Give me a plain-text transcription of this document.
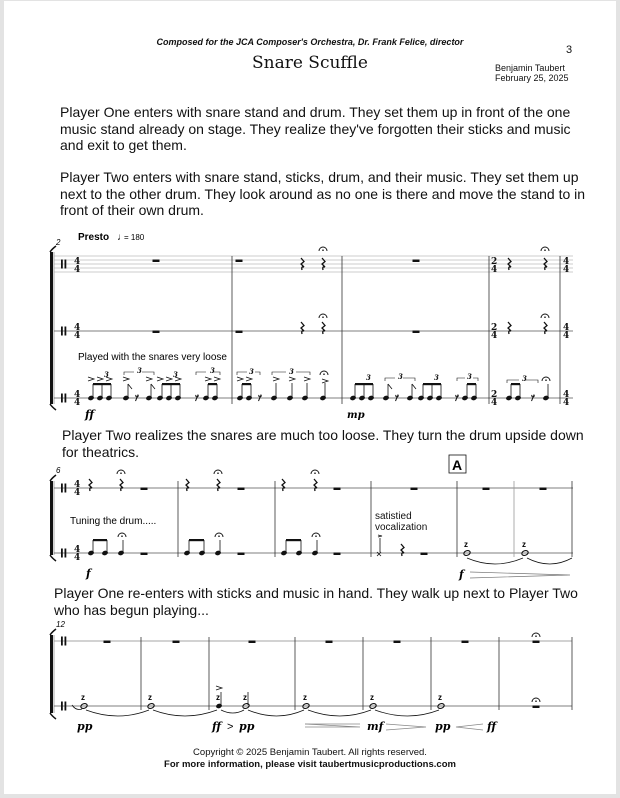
Composed for the JCA Composer's Orchestra, Dr. Frank Felice, director
3
Snare Scuffle	Benjamin Taubert
February 25, 2025
Player One enters with snare stand and drum. They set them up in front of the one music stand already on stage. They realize they've forgotten their sticks and music and exit to get them.
Player Two enters with snare stand, sticks, drum, and their music. They set them up next to the other drum. They look around as no one is there and move the stand to in front of their own drum.
Player Two realizes the snares are much too loose. They turn the drum upside down for theatrics.
Player One re-enters with sticks and music in hand. They walk up next to Player Two who has begun playing...
2 Presto ♩
= 180
4
4
4
4
4
4
2
4
2
4
2
4
4
4
4
4
4
4
Played with the snares very loose
3	3	3	3	3	3
3	3	3	3	3
ff	mp
6
4
4
4
4
Tuning the drum.....	satistied
vocalization
A
z	z
f	f
12
z	z	z	z	z	z	z
pp	ff > pp	mf	pp	ff
Copyright © 2025 Benjamin Taubert. All rights reserved.
For more information, please visit taubertmusicproductions.com
